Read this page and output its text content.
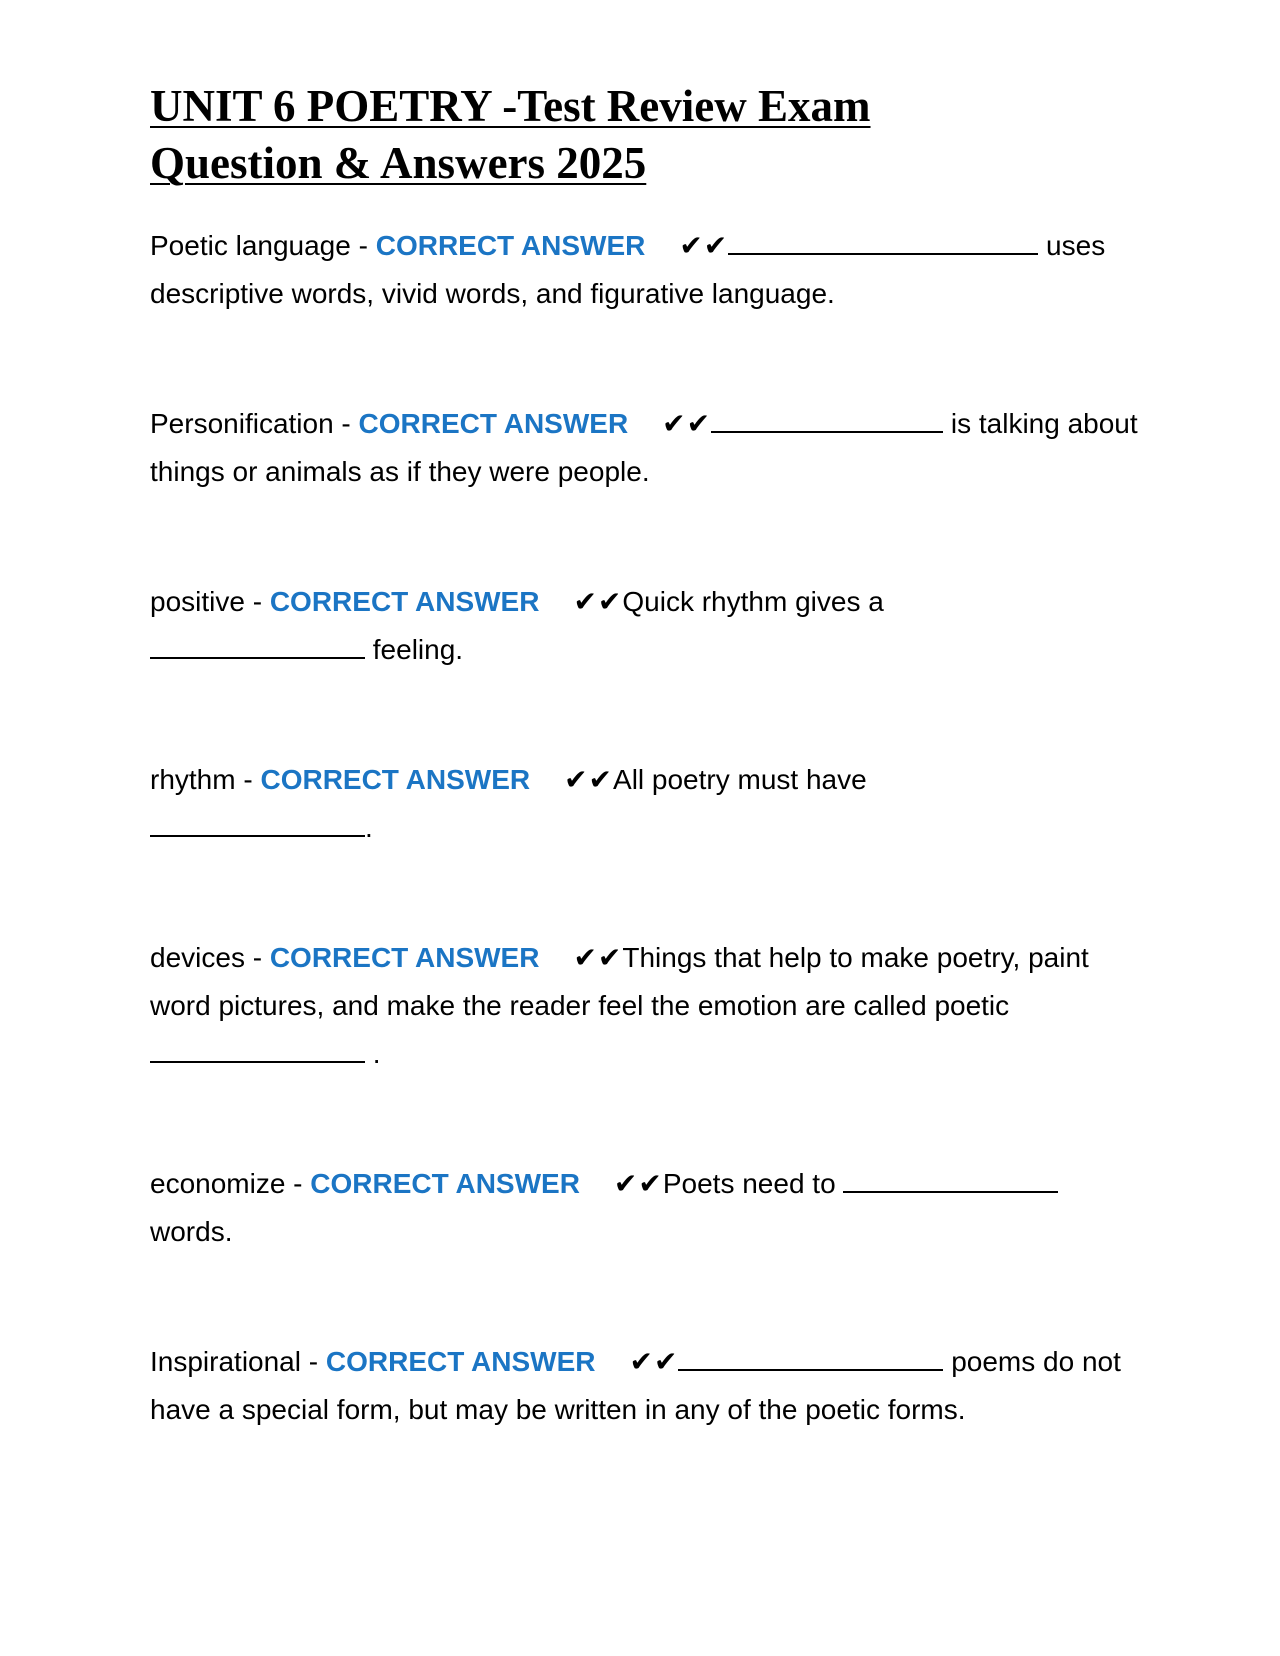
UNIT 6 POETRY -Test Review Exam
Question & Answers 2025

Poetic language - CORRECT ANSWER ✔✔	uses descriptive words, vivid words, and figurative language.

Personification - CORRECT ANSWER ✔✔	is talking about things or animals as if they were people.

positive - CORRECT ANSWER ✔✔Quick rhythm gives a
feeling.

rhythm - CORRECT ANSWER ✔✔All poetry must have
.

devices - CORRECT ANSWER ✔✔Things that help to make poetry, paint word pictures, and make the reader feel the emotion are called poetic  .

economize - CORRECT ANSWER ✔✔Poets need to
words.

Inspirational - CORRECT ANSWER ✔✔	poems do not have a special form, but may be written in any of the poetic forms.
